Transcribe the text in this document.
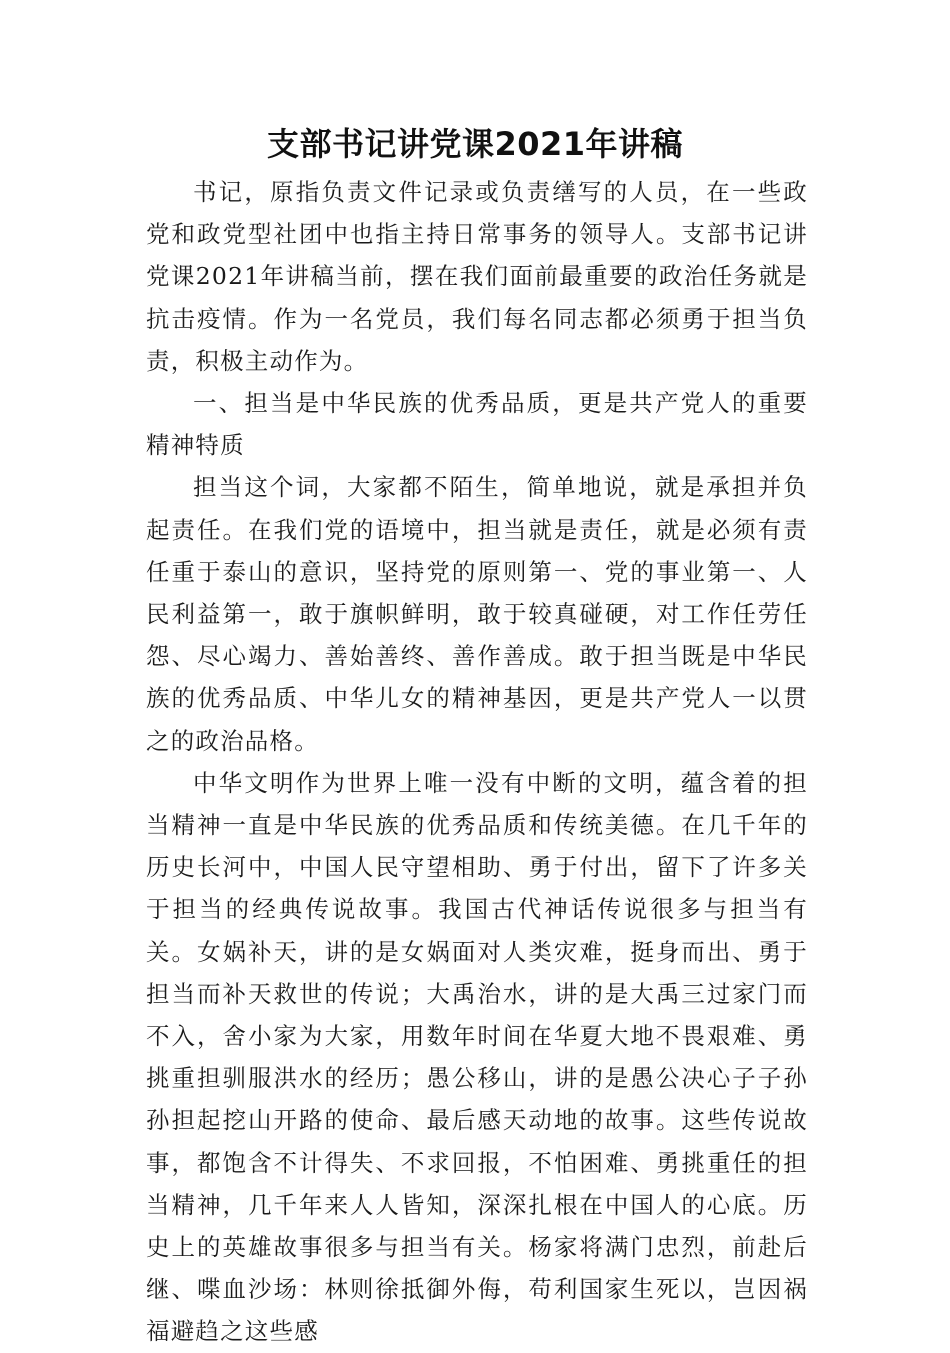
支部书记讲党课2021年讲稿

书记，原指负责文件记录或负责缮写的人员，在一些政党和政党型社团中也指主持日常事务的领导人。支部书记讲党课2021年讲稿当前，摆在我们面前最重要的政治任务就是抗击疫情。作为一名党员，我们每名同志都必须勇于担当负责，积极主动作为。

一、担当是中华民族的优秀品质，更是共产党人的重要精神特质

担当这个词，大家都不陌生，简单地说，就是承担并负起责任。在我们党的语境中，担当就是责任，就是必须有责任重于泰山的意识，坚持党的原则第一、党的事业第一、人民利益第一，敢于旗帜鲜明，敢于较真碰硬，对工作任劳任怨、尽心竭力、善始善终、善作善成。敢于担当既是中华民族的优秀品质、中华儿女的精神基因，更是共产党人一以贯之的政治品格。

中华文明作为世界上唯一没有中断的文明，蕴含着的担当精神一直是中华民族的优秀品质和传统美德。在几千年的历史长河中，中国人民守望相助、勇于付出，留下了许多关于担当的经典传说故事。我国古代神话传说很多与担当有关。女娲补天，讲的是女娲面对人类灾难，挺身而出、勇于担当而补天救世的传说；大禹治水，讲的是大禹三过家门而不入，舍小家为大家，用数年时间在华夏大地不畏艰难、勇挑重担驯服洪水的经历；愚公移山，讲的是愚公决心子子孙孙担起挖山开路的使命、最后感天动地的故事。这些传说故事，都饱含不计得失、不求回报，不怕困难、勇挑重任的担当精神，几千年来人人皆知，深深扎根在中国人的心底。历史上的英雄故事很多与担当有关。杨家将满门忠烈，前赴后继、喋血沙场：林则徐抵御外侮，苟利国家生死以，岂因祸福避趋之这些感
